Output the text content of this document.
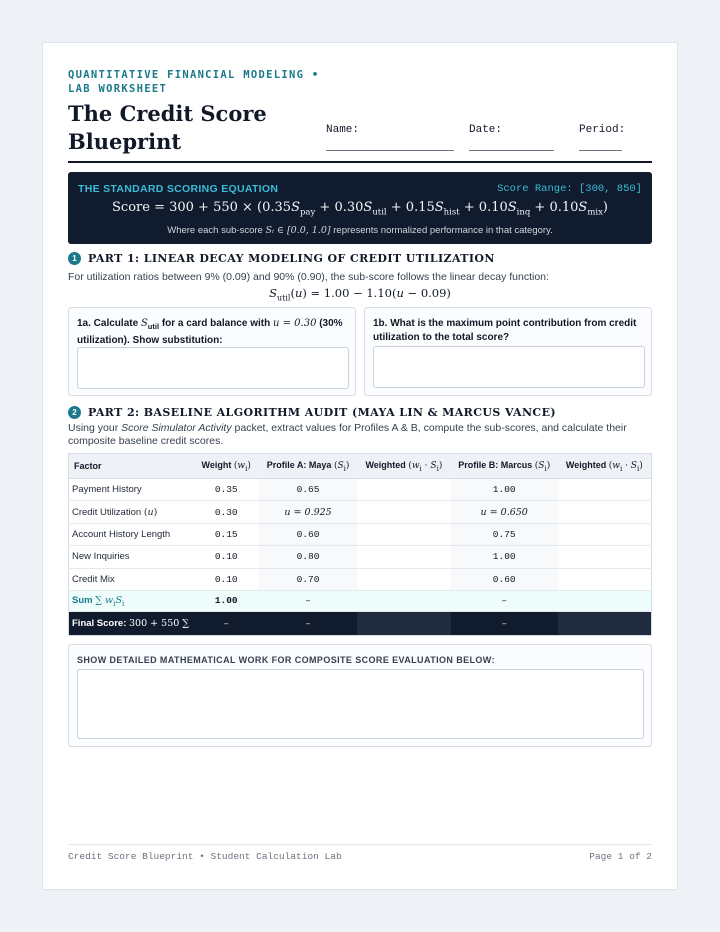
QUANTITATIVE FINANCIAL MODELING • LAB WORKSHEET
The Credit Score Blueprint	Name:	Date:	Period:
THE STANDARD SCORING EQUATION	Score Range: [300, 850]
Score = $300 + 550 \times (0.35S_{pay} + 0.30S_{util} + 0.15S_{hist} + 0.10S_{inq} + 0.10S_{mix})$
Where each sub-score Sᵢ ∈ [0.0, 1.0] represents normalized performance in that category.
1	PART 1: LINEAR DECAY MODELING OF CREDIT UTILIZATION
For utilization ratios between 9% (0.09) and 90% (0.90), the sub-score follows the linear decay function:
$S_{util}(u) = 1.00 - 1.10(u - 0.09)$
1a. Calculate $S_{util}$ for a card balance with u = 0.30 (30% utilization). Show substitution:
1b. What is the maximum point contribution from credit utilization to the total score?
2	PART 2: BASELINE ALGORITHM AUDIT (MAYA LIN & MARCUS VANCE)
Using your Score Simulator Activity packet, extract values for Profiles A & B, compute the sub-scores, and calculate their composite baseline credit scores.
Factor	Weight $(w_i)$	Profile A: Maya $(S_i)$	Weighted $(w_i \cdot S_i)$	Profile B: Marcus $(S_i)$	Weighted $(w_i \cdot S_i)$
Payment History	0.35	0.65		1.00	
Credit Utilization (u)	0.30	u = 0.925		u = 0.650	
Account History Length	0.15	0.60		0.75	
New Inquiries	0.10	0.80		1.00	
Credit Mix	0.10	0.70		0.60	
Sum ∑ $w_iS_i$	1.00	–		–	
Final Score: 300 + 550 ∑	–	–		–	
SHOW DETAILED MATHEMATICAL WORK FOR COMPOSITE SCORE EVALUATION BELOW:
Credit Score Blueprint • Student Calculation Lab	Page 1 of 2
